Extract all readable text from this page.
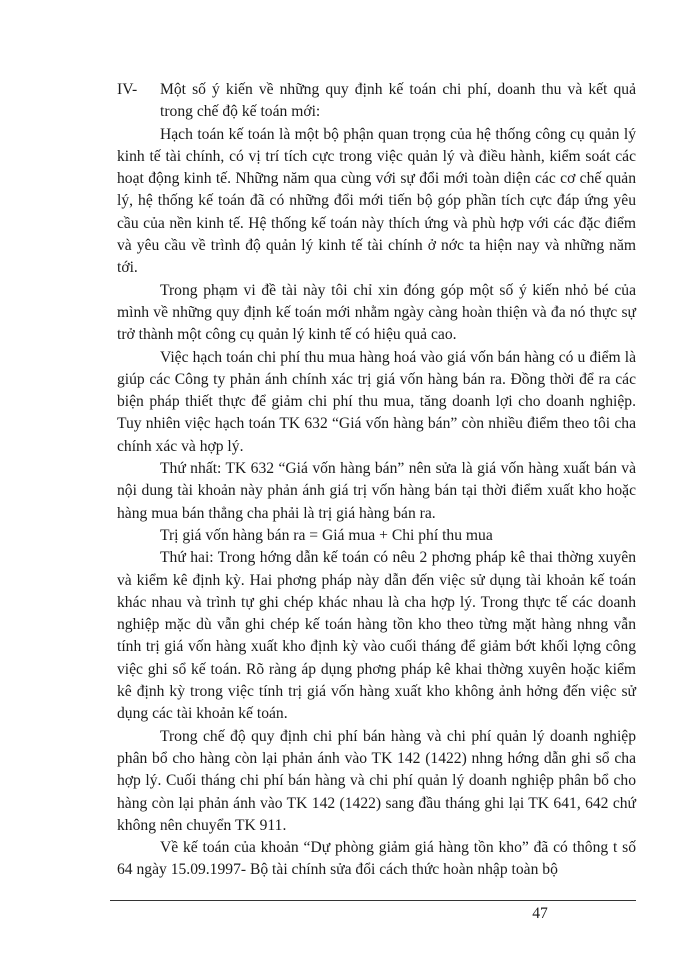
IV-	Một số ý kiến về những quy định kế toán chi phí, doanh thu và kết quả trong chế độ kế toán mới:

Hạch toán kế toán là một bộ phận quan trọng của hệ thống công cụ quản lý kinh tế tài chính, có vị trí tích cực trong việc quản lý và điều hành, kiểm soát các hoạt động kinh tế. Những năm qua cùng với sự đổi mới toàn diện các cơ chế quản lý, hệ thống kế toán đã có những đổi mới tiến bộ góp phần tích cực đáp ứng yêu cầu của nền kinh tế. Hệ thống kế toán này thích ứng và phù hợp với các đặc điểm và yêu cầu về trình độ quản lý kinh tế tài chính ở nớc ta hiện nay và những năm tới.

Trong phạm vi đề tài này tôi chỉ xin đóng góp một số ý kiến nhỏ bé của mình về những quy định kế toán mới nhằm ngày càng hoàn thiện và đa nó thực sự trở thành một công cụ quản lý kinh tế có hiệu quả cao.

Việc hạch toán chi phí thu mua hàng hoá vào giá vốn bán hàng có u điểm là giúp các Công ty phản ánh chính xác trị giá vốn hàng bán ra. Đồng thời để ra các biện pháp thiết thực để giảm chi phí thu mua, tăng doanh lợi cho doanh nghiệp. Tuy nhiên việc hạch toán TK 632 “Giá vốn hàng bán” còn nhiều điểm theo tôi cha chính xác và hợp lý.

Thứ nhất: TK 632 “Giá vốn hàng bán” nên sửa là giá vốn hàng xuất bán và nội dung tài khoản này phản ánh giá trị vốn hàng bán tại thời điểm xuất kho hoặc hàng mua bán thẳng cha phải là trị giá hàng bán ra.

Trị giá vốn hàng bán ra = Giá mua + Chi phí thu mua

Thứ hai: Trong hớng dẫn kế toán có nêu 2 phơng pháp kê thai thờng xuyên và kiểm kê định kỳ. Hai phơng pháp này dẫn đến việc sử dụng tài khoản kế toán khác nhau và trình tự ghi chép khác nhau là cha hợp lý. Trong thực tế các doanh nghiệp mặc dù vẫn ghi chép kế toán hàng tồn kho theo từng mặt hàng nhng vẫn tính trị giá vốn hàng xuất kho định kỳ vào cuối tháng để giảm bớt khối lợng công việc ghi sổ kế toán. Rõ ràng áp dụng phơng pháp kê khai thờng xuyên hoặc kiểm kê định kỳ trong việc tính trị giá vốn hàng xuất kho không ảnh hởng đến việc sử dụng các tài khoản kế toán.

Trong chế độ quy định chi phí bán hàng và chi phí quản lý doanh nghiệp phân bổ cho hàng còn lại phản ánh vào TK 142 (1422) nhng hớng dẫn ghi sổ cha hợp lý. Cuối tháng chi phí bán hàng và chi phí quản lý doanh nghiệp phân bổ cho hàng còn lại phản ánh vào TK 142 (1422) sang đầu tháng ghi lại TK 641, 642 chứ không nên chuyển TK 911.

Về kế toán của khoản “Dự phòng giảm giá hàng tồn kho” đã có thông t số 64 ngày 15.09.1997- Bộ tài chính sửa đổi cách thức hoàn nhập toàn bộ

47
